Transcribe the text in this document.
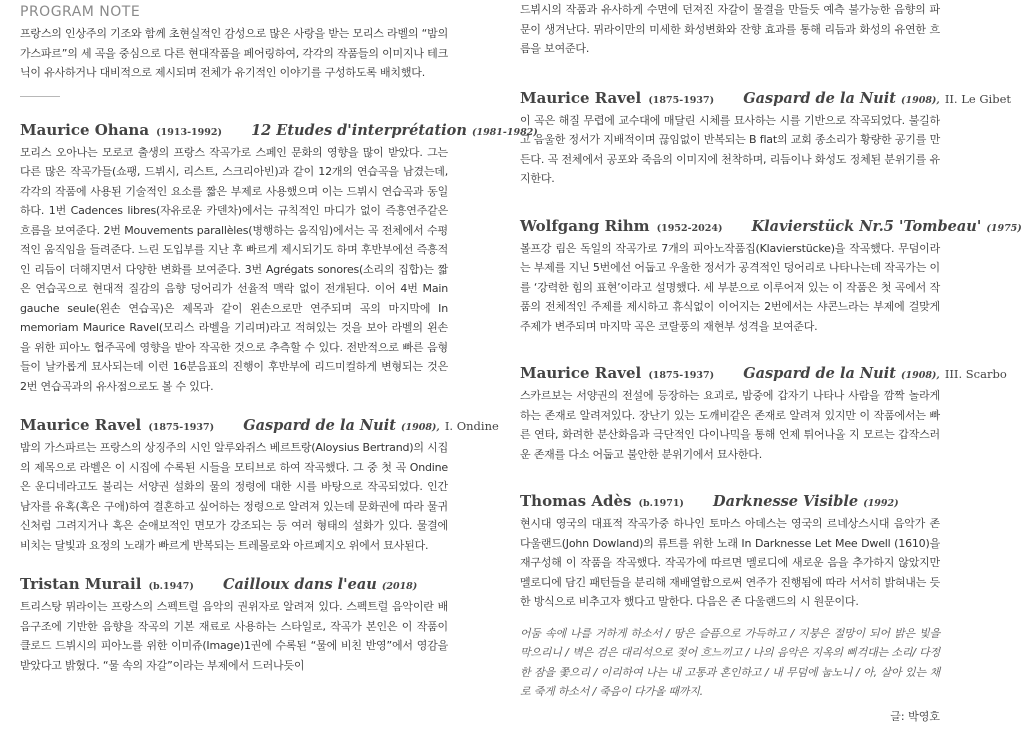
PROGRAM NOTE

프랑스의 인상주의 기조와 함께 초현실적인 감성으로 많은 사랑을 받는 모리스 라벨의 “밤의 가스파르”의 세 곡을 중심으로 다른 현대작품을 페어링하여, 각각의 작품들의 이미지나 테크닉이 유사하거나 대비적으로 제시되며 전체가 유기적인 이야기를 구성하도록 배치했다.

Maurice Ohana (1913-1992) 12 Etudes d'interprétation (1981-1982)

모리스 오아나는 모로코 출생의 프랑스 작곡가로 스페인 문화의 영향을 많이 받았다. 그는 다른 많은 작곡가들(쇼팽, 드뷔시, 리스트, 스크리아빈)과 같이 12개의 연습곡을 남겼는데, 각각의 작품에 사용된 기술적인 요소를 짧은 부제로 사용했으며 이는 드뷔시 연습곡과 동일하다. 1번 Cadences libres(자유로운 카덴차)에서는 규칙적인 마디가 없이 즉흥연주같은 흐름을 보여준다. 2번 Mouvements parallèles(병행하는 움직임)에서는 곡 전체에서 수평적인 움직임을 들려준다. 느린 도입부를 지난 후 빠르게 제시되기도 하며 후반부에선 즉흥적인 리듬이 더해지면서 다양한 변화를 보여준다. 3번 Agrégats sonores(소리의 집합)는 짧은 연습곡으로 현대적 질감의 음향 덩어리가 선율적 맥락 없이 전개된다. 이어 4번 Main gauche seule(왼손 연습곡)은 제목과 같이 왼손으로만 연주되며 곡의 마지막에 In memoriam Maurice Ravel(모리스 라벨을 기리며)라고 적혀있는 것을 보아 라벨의 왼손을 위한 피아노 협주곡에 영향을 받아 작곡한 것으로 추측할 수 있다. 전반적으로 빠른 음형들이 날카롭게 묘사되는데 이런 16분음표의 진행이 후반부에 리드미컬하게 변형되는 것은 2번 연습곡과의 유사점으로도 볼 수 있다.

Maurice Ravel (1875-1937) Gaspard de la Nuit (1908), I. Ondine

밤의 가스파르는 프랑스의 상징주의 시인 알루와쥐스 베르트랑(Aloysius Bertrand)의 시집의 제목으로 라벨은 이 시집에 수록된 시들을 모티브로 하여 작곡했다. 그 중 첫 곡 Ondine은 운디네라고도 불리는 서양권 설화의 물의 정령에 대한 시를 바탕으로 작곡되었다. 인간 남자를 유혹(혹은 구애)하여 결혼하고 싶어하는 정령으로 알려져 있는데 문화권에 따라 물귀신처럼 그려지거나 혹은 순애보적인 면모가 강조되는 등 여러 형태의 설화가 있다. 물결에 비치는 달빛과 요정의 노래가 빠르게 반복되는 트레몰로와 아르페지오 위에서 묘사된다.

Tristan Murail (b.1947) Cailloux dans l'eau (2018)

트리스탕 뮈라이는 프랑스의 스펙트럴 음악의 권위자로 알려져 있다. 스펙트럴 음악이란 배음구조에 기반한 음향을 작곡의 기본 재료로 사용하는 스타일로, 작곡가 본인은 이 작품이 클로드 드뷔시의 피아노를 위한 이미쥬(Image)1권에 수록된 “물에 비친 반영”에서 영감을 받았다고 밝혔다. “물 속의 자갈”이라는 부제에서 드러나듯이

드뷔시의 작품과 유사하게 수면에 던져진 자갈이 물결을 만들듯 예측 불가능한 음향의 파문이 생겨난다. 뮈라이만의 미세한 화성변화와 잔향 효과를 통해 리듬과 화성의 유연한 흐름을 보여준다.

Maurice Ravel (1875-1937) Gaspard de la Nuit (1908), II. Le Gibet

이 곡은 해질 무렵에 교수대에 매달린 시체를 묘사하는 시를 기반으로 작곡되었다. 불길하고 음울한 정서가 지배적이며 끊임없이 반복되는 B flat의 교회 종소리가 황량한 공기를 만든다. 곡 전체에서 공포와 죽음의 이미지에 천착하며, 리듬이나 화성도 정체된 분위기를 유지한다.

Wolfgang Rihm (1952-2024) Klavierstück Nr.5 'Tombeau' (1975)

볼프강 림은 독일의 작곡가로 7개의 피아노작품집(Klavierstücke)을 작곡했다. 무덤이라는 부제를 지닌 5번에선 어둡고 우울한 정서가 공격적인 덩어리로 나타나는데 작곡가는 이를 ‘강력한 힘의 표현’이라고 설명했다. 세 부분으로 이루어져 있는 이 작품은 첫 곡에서 작품의 전체적인 주제를 제시하고 휴식없이 이어지는 2번에서는 샤콘느라는 부제에 걸맞게 주제가 변주되며 마지막 곡은 코랄풍의 재현부 성격을 보여준다.

Maurice Ravel (1875-1937) Gaspard de la Nuit (1908), III. Scarbo

스카르보는 서양권의 전설에 등장하는 요괴로, 밤중에 갑자기 나타나 사람을 깜짝 놀라게 하는 존재로 알려져있다. 장난기 있는 도깨비같은 존재로 알려져 있지만 이 작품에서는 빠른 연타, 화려한 분산화음과 극단적인 다이나믹을 통해 언제 튀어나올 지 모르는 갑작스러운 존재를 다소 어둡고 불안한 분위기에서 묘사한다.

Thomas Adès (b.1971) Darknesse Visible (1992)

현시대 영국의 대표적 작곡가중 하나인 토마스 아데스는 영국의 르네상스시대 음악가 존 다울랜드(John Dowland)의 류트를 위한 노래 In Darknesse Let Mee Dwell (1610)을 재구성해 이 작품을 작곡했다. 작곡가에 따르면 멜로디에 새로운 음을 추가하지 않았지만 멜로디에 담긴 패턴들을 분리해 재배열함으로써 연주가 진행됨에 따라 서서히 밝혀내는 듯한 방식으로 비추고자 했다고 말한다. 다음은 존 다울랜드의 시 원문이다.

어둠 속에 나를 거하게 하소서 / 땅은 슬픔으로 가득하고 / 지붕은 절망이 되어 밝은 빛을 막으리니 / 벽은 검은 대리석으로 젖어 흐느끼고 / 나의 음악은 지옥의 삐걱대는 소리/ 다정한 잠을 쫓으리 / 이리하여 나는 내 고통과 혼인하고 / 내 무덤에 눕노니 / 아, 살아 있는 채로 죽게 하소서 / 죽음이 다가올 때까지.

글: 박영호
